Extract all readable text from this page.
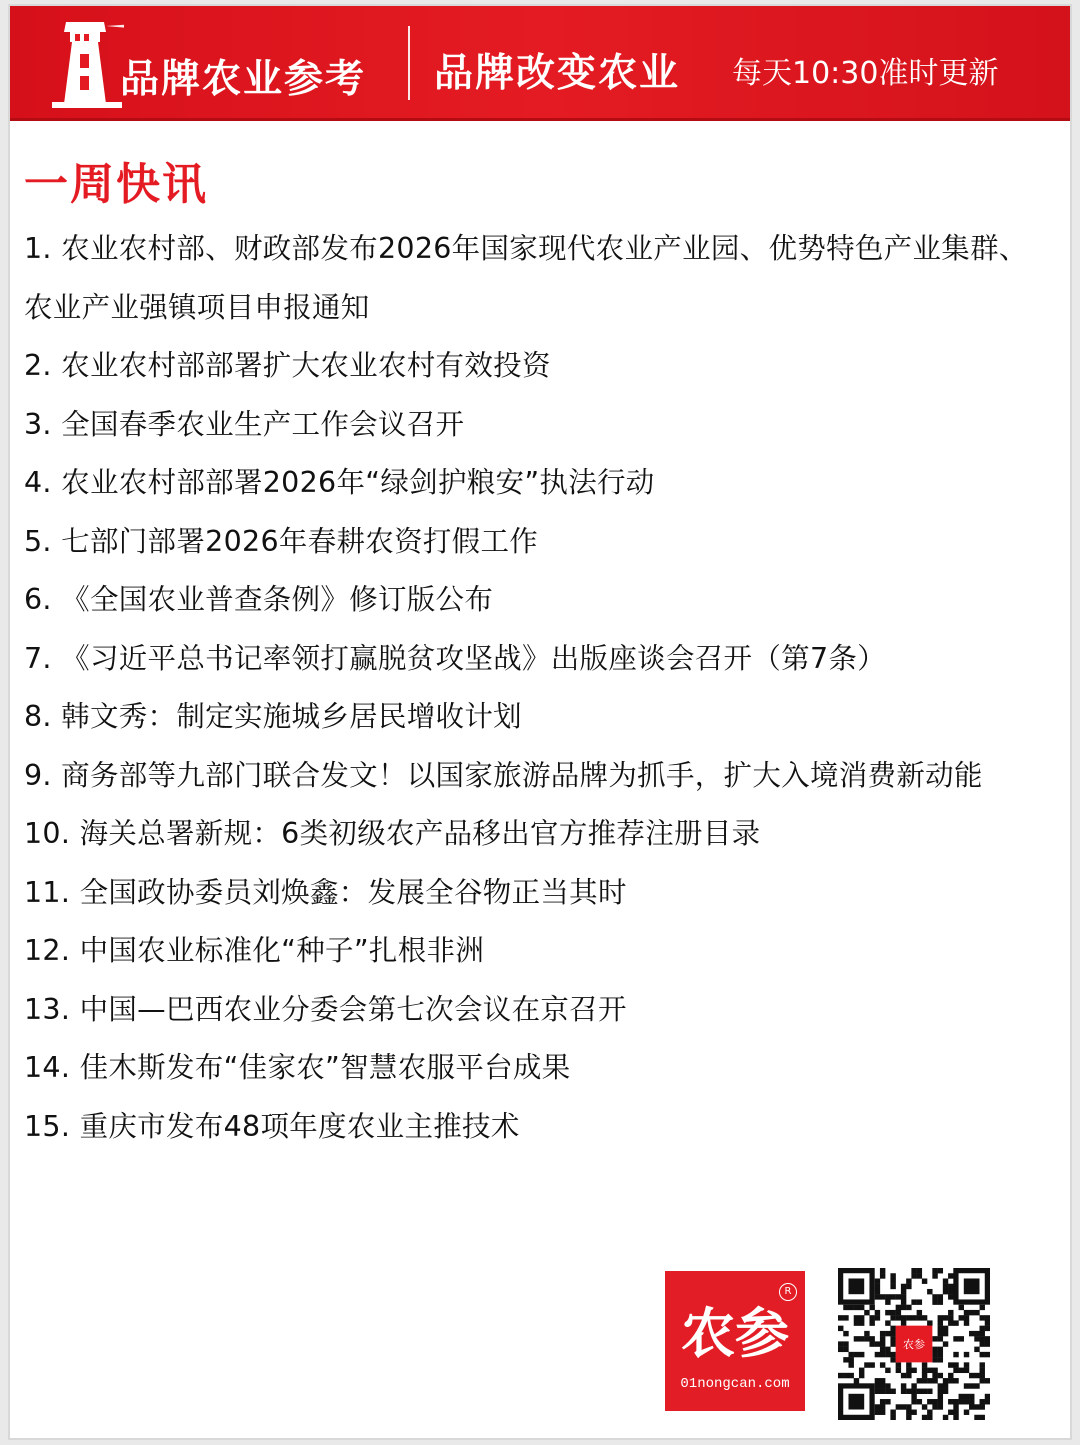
品牌农业参考 品牌改变农业 每天10:30准时更新
一周快讯
1. 农业农村部、财政部发布2026年国家现代农业产业园、优势特色产业集群、农业产业强镇项目申报通知
2. 农业农村部部署扩大农业农村有效投资
3. 全国春季农业生产工作会议召开
4. 农业农村部部署2026年“绿剑护粮安”执法行动
5. 七部门部署2026年春耕农资打假工作
6. 《全国农业普查条例》修订版公布
7. 《习近平总书记率领打赢脱贫攻坚战》出版座谈会召开（第7条）
8. 韩文秀：制定实施城乡居民增收计划
9. 商务部等九部门联合发文！以国家旅游品牌为抓手，扩大入境消费新动能
10. 海关总署新规：6类初级农产品移出官方推荐注册目录
11. 全国政协委员刘焕鑫：发展全谷物正当其时
12. 中国农业标准化“种子”扎根非洲
13. 中国—巴西农业分委会第七次会议在京召开
14. 佳木斯发布“佳家农”智慧农服平台成果
15. 重庆市发布48项年度农业主推技术
R
农参
01nongcan.com
农参
